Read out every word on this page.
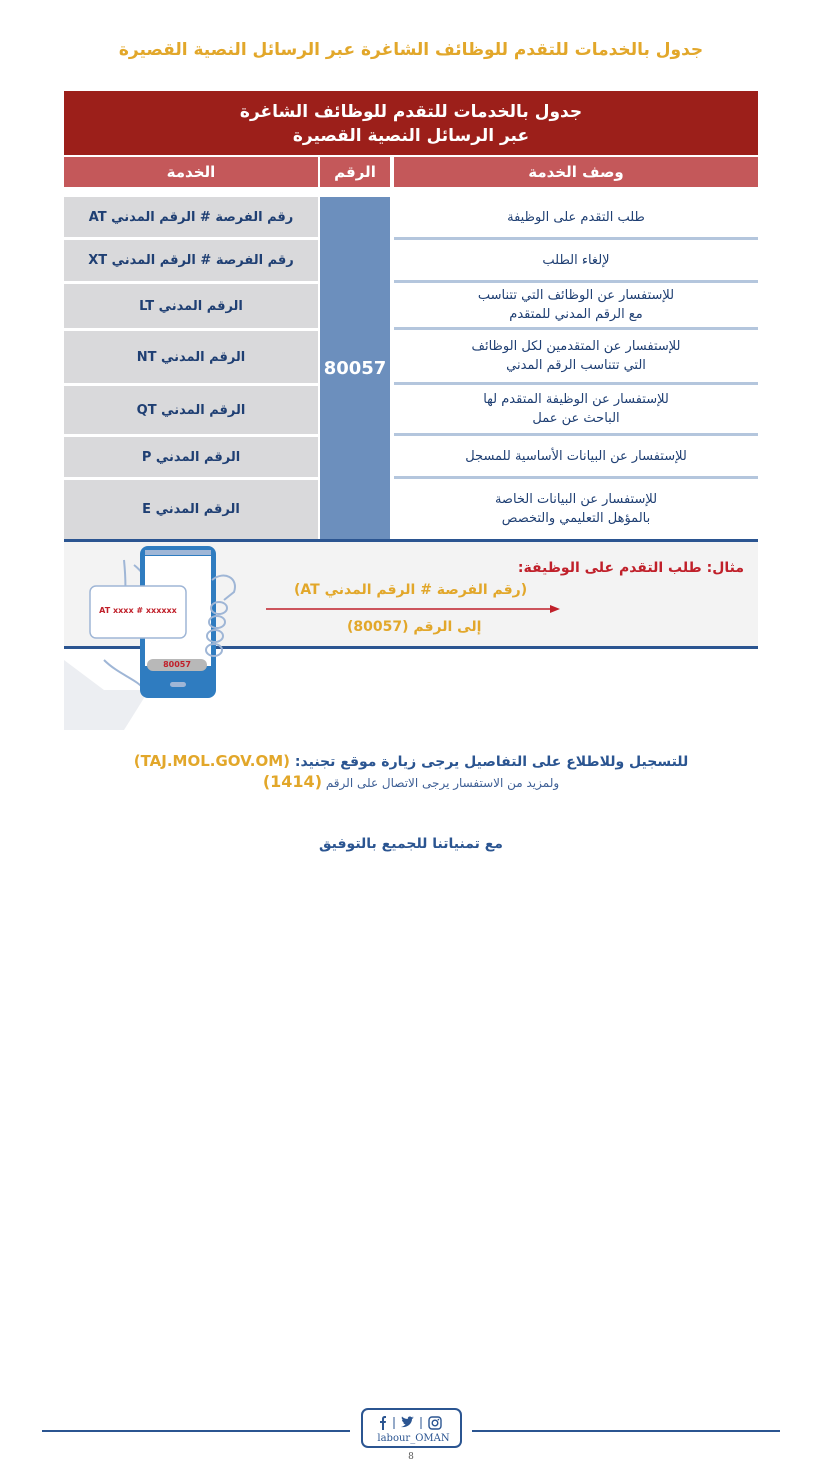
جدول بالخدمات للتقدم للوظائف الشاغرة عبر الرسائل النصية القصيرة
جدول بالخدمات للتقدم للوظائف الشاغرة
عبر الرسائل النصية القصيرة
الخدمة	الرقم	وصف الخدمة
رقم الفرصة # الرقم المدني AT
رقم الفرصة # الرقم المدني XT
الرقم المدني LT
الرقم المدني NT
الرقم المدني QT
الرقم المدني P
الرقم المدني E
80057
طلب التقدم على الوظيفة
لإلغاء الطلب
للإستفسار عن الوظائف التي تتناسب
مع الرقم المدني للمتقدم
للإستفسار عن المتقدمين لكل الوظائف
التي تتناسب الرقم المدني
للإستفسار عن الوظيفة المتقدم لها
الباحث عن عمل
للإستفسار عن البيانات الأساسية للمسجل
للإستفسار عن البيانات الخاصة
بالمؤهل التعليمي والتخصص
مثال: طلب التقدم على الوظيفة:
(رقم الفرصة # الرقم المدني AT)
إلى الرقم (80057)
AT xxxx # xxxxxx
80057
للتسجيل وللاطلاع على التفاصيل يرجى زيارة موقع تجنيد: (TAJ.MOL.GOV.OM)
ولمزيد من الاستفسار يرجى الاتصال على الرقم (1414)
مع تمنياتنا للجميع بالتوفيق
labour_OMAN
8
